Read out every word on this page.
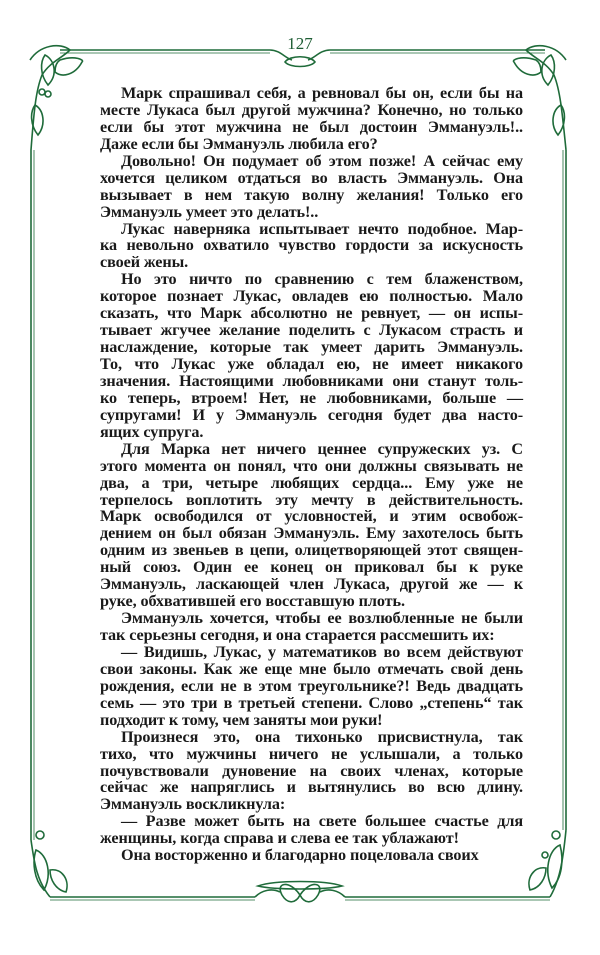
127
Марк спрашивал себя, а ревновал бы он, если бы на
месте Лукаса был другой мужчина? Конечно, но только
если бы этот мужчина не был достоин Эммануэль!..
Даже если бы Эммануэль любила его?
Довольно! Он подумает об этом позже! А сейчас ему
хочется целиком отдаться во власть Эммануэль. Она
вызывает в нем такую волну желания! Только его
Эммануэль умеет это делать!..
Лукас наверняка испытывает нечто подобное. Мар-
ка невольно охватило чувство гордости за искусность
своей жены.
Но это ничто по сравнению с тем блаженством,
которое познает Лукас, овладев ею полностью. Мало
сказать, что Марк абсолютно не ревнует, — он испы-
тывает жгучее желание поделить с Лукасом страсть и
наслаждение, которые так умеет дарить Эммануэль.
То, что Лукас уже обладал ею, не имеет никакого
значения. Настоящими любовниками они станут толь-
ко теперь, втроем! Нет, не любовниками, больше —
супругами! И у Эммануэль сегодня будет два насто-
ящих супруга.
Для Марка нет ничего ценнее супружеских уз. С
этого момента он понял, что они должны связывать не
два, а три, четыре любящих сердца... Ему уже не
терпелось воплотить эту мечту в действительность.
Марк освободился от условностей, и этим освобож-
дением он был обязан Эммануэль. Ему захотелось быть
одним из звеньев в цепи, олицетворяющей этот священ-
ный союз. Один ее конец он приковал бы к руке
Эммануэль, ласкающей член Лукаса, другой же — к
руке, обхватившей его восставшую плоть.
Эммануэль хочется, чтобы ее возлюбленные не были
так серьезны сегодня, и она старается рассмешить их:
— Видишь, Лукас, у математиков во всем действуют
свои законы. Как же еще мне было отмечать свой день
рождения, если не в этом треугольнике?! Ведь двадцать
семь — это три в третьей степени. Слово „степень“ так
подходит к тому, чем заняты мои руки!
Произнеся это, она тихонько присвистнула, так
тихо, что мужчины ничего не услышали, а только
почувствовали дуновение на своих членах, которые
сейчас же напряглись и вытянулись во всю длину.
Эммануэль воскликнула:
— Разве может быть на свете большее счастье для
женщины, когда справа и слева ее так ублажают!
Она восторженно и благодарно поцеловала своих
